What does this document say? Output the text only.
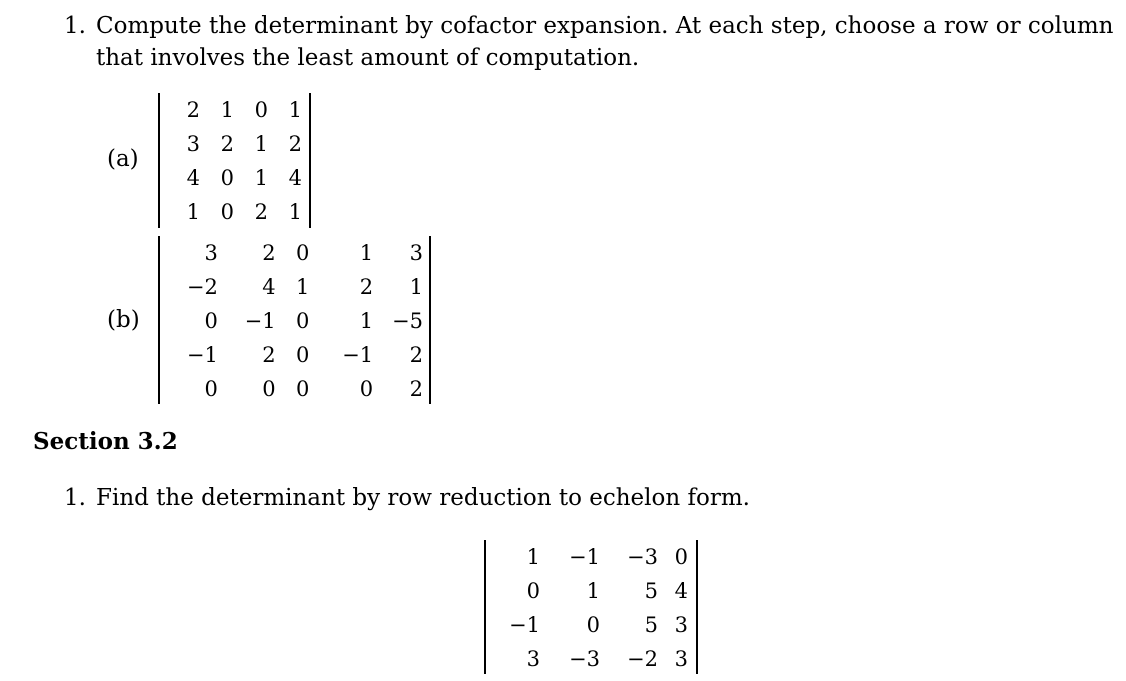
1. Compute the determinant by cofactor expansion. At each step, choose a row or column
that involves the least amount of computation.
(a)
2	1	0	1
3	2	1	2
4	0	1	4
1	0	2	1
(b)
3	2	0	1	3
−2	4	1	2	1
0	−1	0	1	−5
−1	2	0	−1	2
0	0	0	0	2
Section 3.2
1. Find the determinant by row reduction to echelon form.
1	−1	−3	0
0	1	5	4
−1	0	5	3
3	−3	−2	3
